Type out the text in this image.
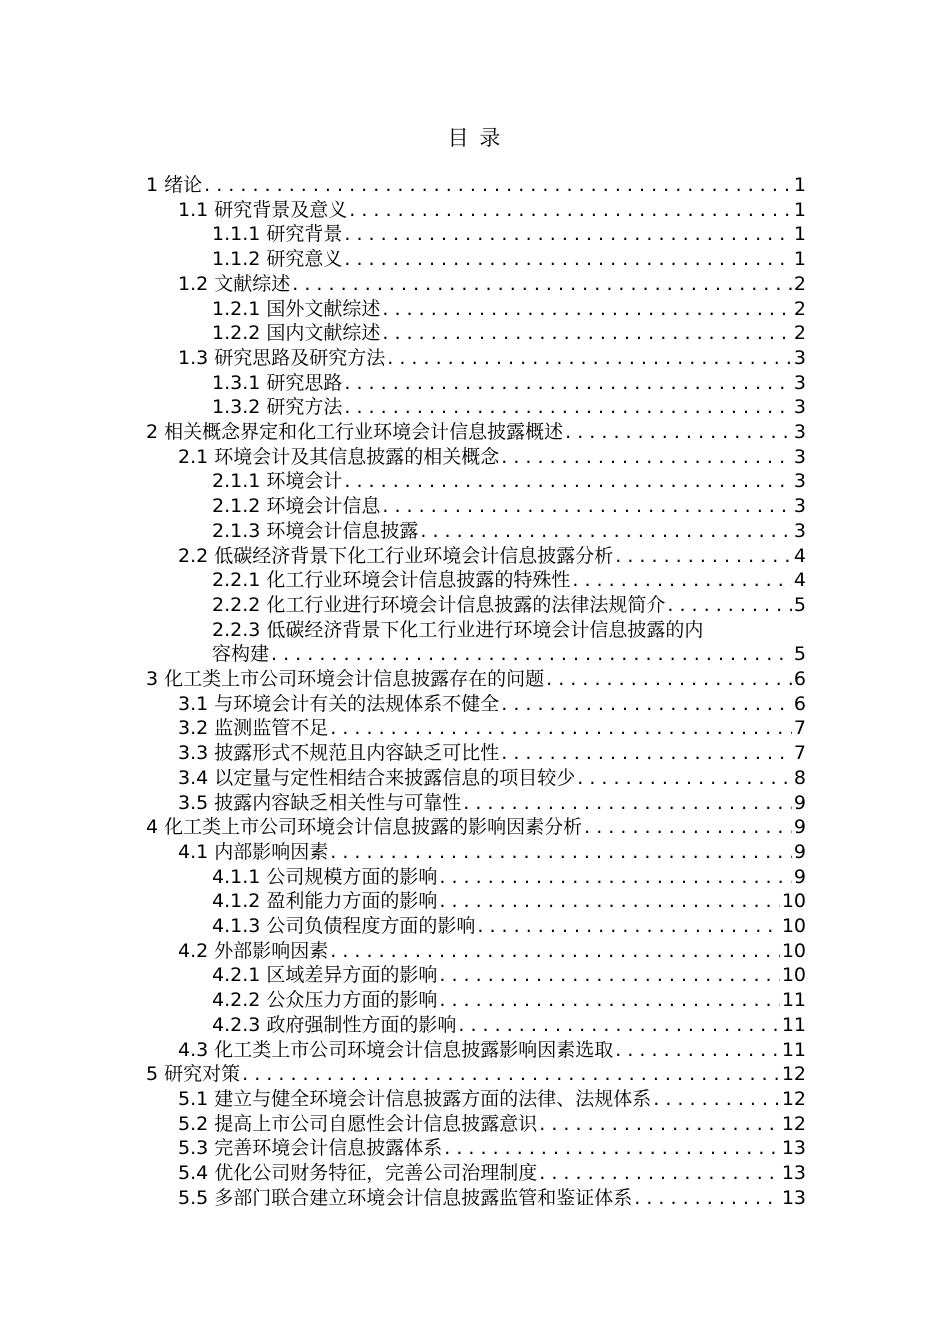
目 录
1 绪论 . . .	1
1.1 研究背景及意义 . . .	1
1.1.1 研究背景 . . .	1
1.1.2 研究意义 . . .	1
1.2 文献综述 . . .	2
1.2.1 国外文献综述 . . .	2
1.2.2 国内文献综述 . . .	2
1.3 研究思路及研究方法 . . .	3
1.3.1 研究思路 . . .	3
1.3.2 研究方法 . . .	3
2 相关概念界定和化工行业环境会计信息披露概述 . . .	3
2.1 环境会计及其信息披露的相关概念 . . .	3
2.1.1 环境会计 . . .	3
2.1.2 环境会计信息 . . .	3
2.1.3 环境会计信息披露 . . .	3
2.2 低碳经济背景下化工行业环境会计信息披露分析 . . .	4
2.2.1 化工行业环境会计信息披露的特殊性 . . .	4
2.2.2 化工行业进行环境会计信息披露的法律法规简介 . . .	5
2.2.3 低碳经济背景下化工行业进行环境会计信息披露的内
容构建 . . .	5
3 化工类上市公司环境会计信息披露存在的问题 . . .	6
3.1 与环境会计有关的法规体系不健全 . . .	6
3.2 监测监管不足 . . .	7
3.3 披露形式不规范且内容缺乏可比性 . . .	7
3.4 以定量与定性相结合来披露信息的项目较少 . . .	8
3.5 披露内容缺乏相关性与可靠性 . . .	9
4 化工类上市公司环境会计信息披露的影响因素分析 . . .	9
4.1 内部影响因素 . . .	9
4.1.1 公司规模方面的影响 . . .	9
4.1.2 盈利能力方面的影响 . . .	10
4.1.3 公司负债程度方面的影响 . . .	10
4.2 外部影响因素 . . .	10
4.2.1 区域差异方面的影响 . . .	10
4.2.2 公众压力方面的影响 . . .	11
4.2.3 政府强制性方面的影响 . . .	11
4.3 化工类上市公司环境会计信息披露影响因素选取 . . .	11
5 研究对策 . . .	12
5.1 建立与健全环境会计信息披露方面的法律、法规体系 . . .	12
5.2 提高上市公司自愿性会计信息披露意识 . . .	12
5.3 完善环境会计信息披露体系 . . .	13
5.4 优化公司财务特征，完善公司治理制度 . . .	13
5.5 多部门联合建立环境会计信息披露监管和鉴证体系 . . .	13
